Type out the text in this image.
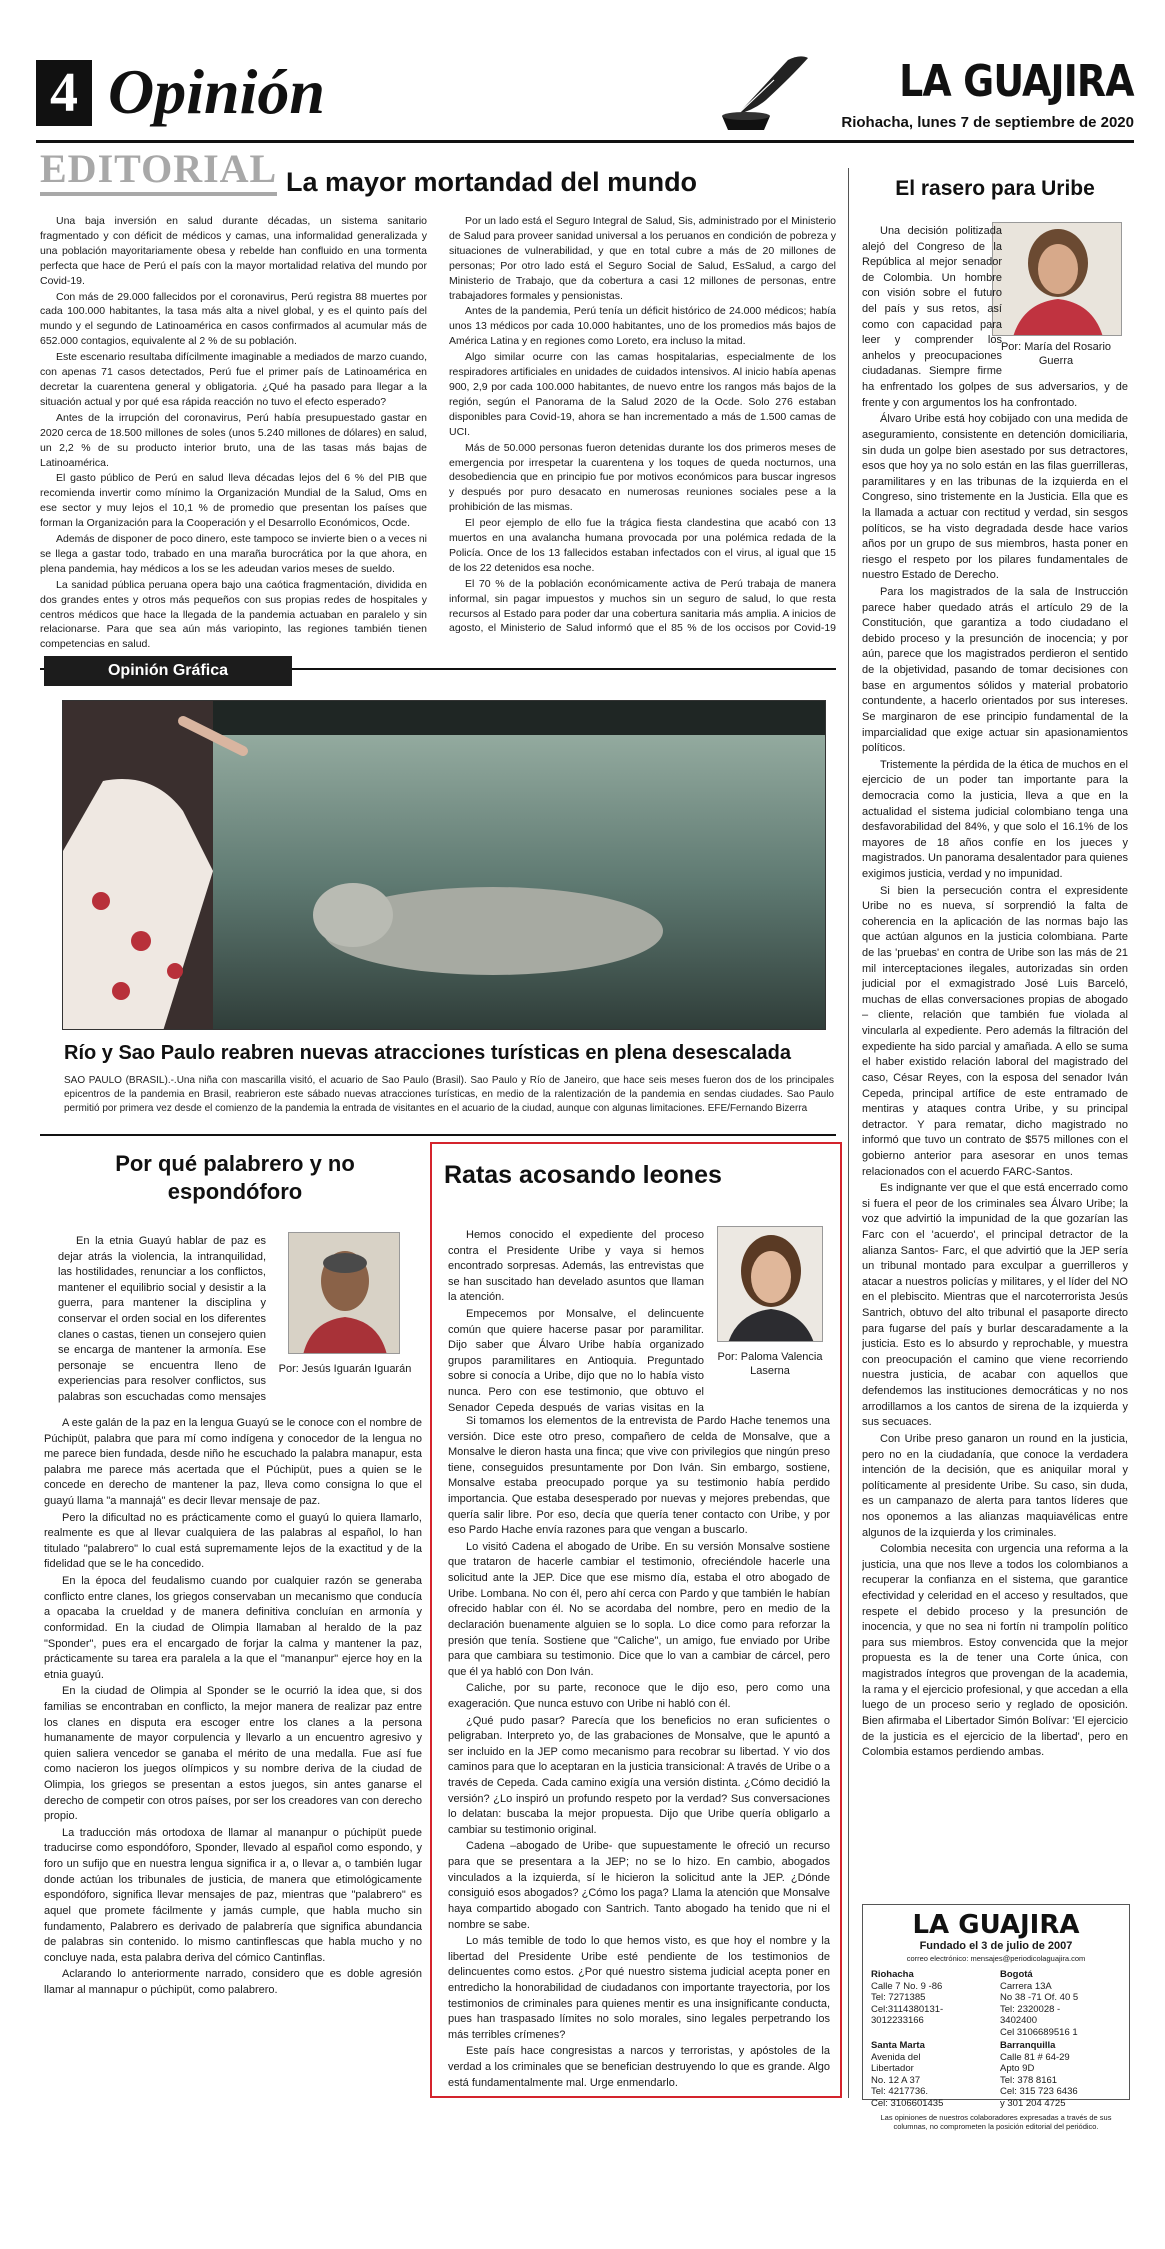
4 Opinión	LA GUAJIRA
Riohacha, lunes 7 de septiembre de 2020
EDITORIAL La mayor mortandad del mundo

Una baja inversión en salud durante décadas, un sistema sanitario fragmentado y con déficit de médicos y camas, una informalidad generalizada y una población mayoritariamente obesa y rebelde han confluido en una tormenta perfecta que hace de Perú el país con la mayor mortalidad relativa del mundo por Covid-19.

Con más de 29.000 fallecidos por el coronavirus, Perú registra 88 muertes por cada 100.000 habitantes, la tasa más alta a nivel global, y es el quinto país del mundo y el segundo de Latinoamérica en casos confirmados al acumular más de 652.000 contagios, equivalente al 2 % de su población.

Este escenario resultaba difícilmente imaginable a mediados de marzo cuando, con apenas 71 casos detectados, Perú fue el primer país de Latinoamérica en decretar la cuarentena general y obligatoria. ¿Qué ha pasado para llegar a la situación actual y por qué esa rápida reacción no tuvo el efecto esperado?

Antes de la irrupción del coronavirus, Perú había presupuestado gastar en 2020 cerca de 18.500 millones de soles (unos 5.240 millones de dólares) en salud, un 2,2 % de su producto interior bruto, una de las tasas más bajas de Latinoamérica.

El gasto público de Perú en salud lleva décadas lejos del 6 % del PIB que recomienda invertir como mínimo la Organización Mundial de la Salud, Oms en ese sector y muy lejos el 10,1 % de promedio que presentan los países que forman la Organización para la Cooperación y el Desarrollo Económicos, Ocde.

Además de disponer de poco dinero, este tampoco se invierte bien o a veces ni se llega a gastar todo, trabado en una maraña burocrática por la que ahora, en plena pandemia, hay médicos a los se les adeudan varios meses de sueldo.

La sanidad pública peruana opera bajo una caótica fragmentación, dividida en dos grandes entes y otros más pequeños con sus propias redes de hospitales y centros médicos que hace la llegada de la pandemia actuaban en paralelo y sin relacionarse. Para que sea aún más variopinto, las regiones también tienen competencias en salud.

Por un lado está el Seguro Integral de Salud, Sis, administrado por el Ministerio de Salud para proveer sanidad universal a los peruanos en condición de pobreza y situaciones de vulnerabilidad, y que en total cubre a más de 20 millones de personas; Por otro lado está el Seguro Social de Salud, EsSalud, a cargo del Ministerio de Trabajo, que da cobertura a casi 12 millones de personas, entre trabajadores formales y pensionistas.

Antes de la pandemia, Perú tenía un déficit histórico de 24.000 médicos; había unos 13 médicos por cada 10.000 habitantes, uno de los promedios más bajos de América Latina y en regiones como Loreto, era incluso la mitad.

Algo similar ocurre con las camas hospitalarias, especialmente de los respiradores artificiales en unidades de cuidados intensivos. Al inicio había apenas 900, 2,9 por cada 100.000 habitantes, de nuevo entre los rangos más bajos de la región, según el Panorama de la Salud 2020 de la Ocde. Solo 276 estaban disponibles para Covid-19, ahora se han incrementado a más de 1.500 camas de UCI.

Más de 50.000 personas fueron detenidas durante los dos primeros meses de emergencia por irrespetar la cuarentena y los toques de queda nocturnos, una desobediencia que en principio fue por motivos económicos para buscar ingresos y después por puro desacato en numerosas reuniones sociales pese a la prohibición de las mismas.

El peor ejemplo de ello fue la trágica fiesta clandestina que acabó con 13 muertos en una avalancha humana provocada por una polémica redada de la Policía. Once de los 13 fallecidos estaban infectados con el virus, al igual que 15 de los 22 detenidos esa noche.

El 70 % de la población económicamente activa de Perú trabaja de manera informal, sin pagar impuestos y muchos sin un seguro de salud, lo que resta recursos al Estado para poder dar una cobertura sanitaria más amplia. A inicios de agosto, el Ministerio de Salud informó que el 85 % de los occisos por Covid-19

El rasero para Uribe
Por: María del Rosario Guerra

Una decisión politizada alejó del Congreso de la República al mejor senador de Colombia. Un hombre con visión sobre el futuro del país y sus retos, así como con capacidad para leer y comprender los anhelos y preocupaciones ciudadanas. Siempre firme ha enfrentado los golpes de sus adversarios, y de frente y con argumentos los ha confrontado.

Álvaro Uribe está hoy cobijado con una medida de aseguramiento, consistente en detención domiciliaria, sin duda un golpe bien asestado por sus detractores, esos que hoy ya no solo están en las filas guerrilleras, paramilitares y en las tribunas de la izquierda en el Congreso, sino tristemente en la Justicia. Ella que es la llamada a actuar con rectitud y verdad, sin sesgos políticos, se ha visto degradada desde hace varios años por un grupo de sus miembros, hasta poner en riesgo el respeto por los pilares fundamentales de nuestro Estado de Derecho.

Para los magistrados de la sala de Instrucción parece haber quedado atrás el artículo 29 de la Constitución, que garantiza a todo ciudadano el debido proceso y la presunción de inocencia; y por aún, parece que los magistrados perdieron el sentido de la objetividad, pasando de tomar decisiones con base en argumentos sólidos y material probatorio contundente, a hacerlo orientados por sus intereses. Se marginaron de ese principio fundamental de la imparcialidad que exige actuar sin apasionamientos políticos.

Tristemente la pérdida de la ética de muchos en el ejercicio de un poder tan importante para la democracia como la justicia, lleva a que en la actualidad el sistema judicial colombiano tenga una desfavorabilidad del 84%, y que solo el 16.1% de los mayores de 18 años confíe en los jueces y magistrados. Un panorama desalentador para quienes exigimos justicia, verdad y no impunidad.

Si bien la persecución contra el expresidente Uribe no es nueva, sí sorprendió la falta de coherencia en la aplicación de las normas bajo las que actúan algunos en la justicia colombiana. Parte de las 'pruebas' en contra de Uribe son las más de 21 mil interceptaciones ilegales, autorizadas sin orden judicial por el exmagistrado José Luis Barceló, muchas de ellas conversaciones propias de abogado – cliente, relación que también fue violada al vincularla al expediente. Pero además la filtración del expediente ha sido parcial y amañada. A ello se suma el haber existido relación laboral del magistrado del caso, César Reyes, con la esposa del senador Iván Cepeda, principal artífice de este entramado de mentiras y ataques contra Uribe, y su principal detractor. Y para rematar, dicho magistrado no informó que tuvo un contrato de $575 millones con el gobierno anterior para asesorar en unos temas relacionados con el acuerdo FARC-Santos.

Es indignante ver que el que está encerrado como si fuera el peor de los criminales sea Álvaro Uribe; la voz que advirtió la impunidad de la que gozarían las Farc con el 'acuerdo', el principal detractor de la alianza Santos- Farc, el que advirtió que la JEP sería un tribunal montado para exculpar a guerrilleros y atacar a nuestros policías y militares, y el líder del NO en el plebiscito. Mientras que el narcoterrorista Jesús Santrich, obtuvo del alto tribunal el pasaporte directo para fugarse del país y burlar descaradamente a la justicia. Esto es lo absurdo y reprochable, y muestra con preocupación el camino que viene recorriendo nuestra justicia, de acabar con aquellos que defendemos las instituciones democráticas y no nos arrodillamos a los cantos de sirena de la izquierda y sus secuaces.

Con Uribe preso ganaron un round en la justicia, pero no en la ciudadanía, que conoce la verdadera intención de la decisión, que es aniquilar moral y políticamente al presidente Uribe. Su caso, sin duda, es un campanazo de alerta para tantos líderes que nos oponemos a las alianzas maquiavélicas entre algunos de la izquierda y los criminales.

Colombia necesita con urgencia una reforma a la justicia, una que nos lleve a todos los colombianos a recuperar la confianza en el sistema, que garantice efectividad y celeridad en el acceso y resultados, que respete el debido proceso y la presunción de inocencia, y que no sea ni fortín ni trampolín político para sus miembros. Estoy convencida que la mejor propuesta es la de tener una Corte única, con magistrados íntegros que provengan de la academia, la rama y el ejercicio profesional, y que accedan a ella luego de un proceso serio y reglado de oposición. Bien afirmaba el Libertador Simón Bolívar: 'El ejercicio de la justicia es el ejercicio de la libertad', pero en Colombia estamos perdiendo ambas.

Opinión Gráfica
Río y Sao Paulo reabren nuevas atracciones turísticas en plena desescalada
SAO PAULO (BRASIL).-.Una niña con mascarilla visitó, el acuario de Sao Paulo (Brasil). Sao Paulo y Río de Janeiro, que hace seis meses fueron dos de los principales epicentros de la pandemia en Brasil, reabrieron este sábado nuevas atracciones turísticas, en medio de la ralentización de la pandemia en sendas ciudades. Sao Paulo permitió por primera vez desde el comienzo de la pandemia la entrada de visitantes en el acuario de la ciudad, aunque con algunas limitaciones. EFE/Fernando Bizerra
Por qué palabrero y no espondóforo
Por: Jesús Iguarán Iguarán

En la etnia Guayú hablar de paz es dejar atrás la violencia, la intranquilidad, las hostilidades, renunciar a los conflictos, mantener el equilibrio social y desistir a la guerra, para mantener la disciplina y conservar el orden social en los diferentes clanes o castas, tienen un consejero quien se encarga de mantener la armonía. Ese personaje se encuentra lleno de experiencias para resolver conflictos, sus palabras son escuchadas como mensajes

A este galán de la paz en la lengua Guayú se le conoce con el nombre de Púchipüt, palabra que para mí como indígena y conocedor de la lengua no me parece bien fundada, desde niño he escuchado la palabra manapur, esta palabra me parece más acertada que el Púchipüt, pues a quien se le concede en derecho de mantener la paz, lleva como consigna lo que el guayú llama "a mannajá" es decir llevar mensaje de paz.

Pero la dificultad no es prácticamente como el guayú lo quiera llamarlo, realmente es que al llevar cualquiera de las palabras al español, lo han titulado "palabrero" lo cual está supremamente lejos de la exactitud y de la fidelidad que se le ha concedido.

En la época del feudalismo cuando por cualquier razón se generaba conflicto entre clanes, los griegos conservaban un mecanismo que conducía a opacaba la crueldad y de manera definitiva concluían en armonía y conformidad. En la ciudad de Olimpia llamaban al heraldo de la paz "Sponder", pues era el encargado de forjar la calma y mantener la paz, prácticamente su tarea era paralela a la que el "mananpur" ejerce hoy en la etnia guayú.

En la ciudad de Olimpia al Sponder se le ocurrió la idea que, si dos familias se encontraban en conflicto, la mejor manera de realizar paz entre los clanes en disputa era escoger entre los clanes a la persona humanamente de mayor corpulencia y llevarlo a un encuentro agresivo y quien saliera vencedor se ganaba el mérito de una medalla. Fue así fue como nacieron los juegos olímpicos y su nombre deriva de la ciudad de Olimpia, los griegos se presentan a estos juegos, sin antes ganarse el derecho de competir con otros países, por ser los creadores van con derecho propio.

La traducción más ortodoxa de llamar al mananpur o púchipüt puede traducirse como espondóforo, Sponder, llevado al español como espondo, y foro un sufijo que en nuestra lengua significa ir a, o llevar a, o también lugar donde actúan los tribunales de justicia, de manera que etimológicamente espondóforo, significa llevar mensajes de paz, mientras que "palabrero" es aquel que promete fácilmente y jamás cumple, que habla mucho sin fundamento, Palabrero es derivado de palabrería que significa abundancia de palabras sin contenido. lo mismo cantinflescas que habla mucho y no concluye nada, esta palabra deriva del cómico Cantinflas.

Aclarando lo anteriormente narrado, considero que es doble agresión llamar al mannapur o púchipüt, como palabrero.

Ratas acosando leones
Por: Paloma Valencia Laserna

Hemos conocido el expediente del proceso contra el Presidente Uribe y vaya si hemos encontrado sorpresas. Además, las entrevistas que se han suscitado han develado asuntos que llaman la atención.

Empecemos por Monsalve, el delincuente común que quiere hacerse pasar por paramilitar. Dijo saber que Álvaro Uribe había organizado grupos paramilitares en Antioquia. Preguntado sobre si conocía a Uribe, dijo que no lo había visto nunca. Pero con ese testimonio, que obtuvo el Senador Cepeda después de varias visitas en la

Si tomamos los elementos de la entrevista de Pardo Hache tenemos una versión. Dice este otro preso, compañero de celda de Monsalve, que a Monsalve le dieron hasta una finca; que vive con privilegios que ningún preso tiene, conseguidos presuntamente por Don Iván. Sin embargo, sostiene, Monsalve estaba preocupado porque ya su testimonio había perdido importancia. Que estaba desesperado por nuevas y mejores prebendas, que quería salir libre. Por eso, decía que quería tener contacto con Uribe, y por eso Pardo Hache envía razones para que vengan a buscarlo.

Lo visitó Cadena el abogado de Uribe. En su versión Monsalve sostiene que trataron de hacerle cambiar el testimonio, ofreciéndole hacerle una solicitud ante la JEP. Dice que ese mismo día, estaba el otro abogado de Uribe. Lombana. No con él, pero ahí cerca con Pardo y que también le habían ofrecido hablar con él. No se acordaba del nombre, pero en medio de la declaración buenamente alguien se lo sopla. Lo dice como para reforzar la presión que tenía. Sostiene que "Caliche", un amigo, fue enviado por Uribe para que cambiara su testimonio. Dice que lo van a cambiar de cárcel, pero que él ya habló con Don Iván.

Caliche, por su parte, reconoce que le dijo eso, pero como una exageración. Que nunca estuvo con Uribe ni habló con él.

¿Qué pudo pasar? Parecía que los beneficios no eran suficientes o peligraban. Interpreto yo, de las grabaciones de Monsalve, que le apuntó a ser incluido en la JEP como mecanismo para recobrar su libertad. Y vio dos caminos para que lo aceptaran en la justicia transicional: A través de Uribe o a través de Cepeda. Cada camino exigía una versión distinta. ¿Cómo decidió la versión? ¿Lo inspiró un profundo respeto por la verdad? Sus conversaciones lo delatan: buscaba la mejor propuesta. Dijo que Uribe quería obligarlo a cambiar su testimonio original.

Cadena –abogado de Uribe- que supuestamente le ofreció un recurso para que se presentara a la JEP; no se lo hizo. En cambio, abogados vinculados a la izquierda, sí le hicieron la solicitud ante la JEP. ¿Dónde consiguió esos abogados? ¿Cómo los paga? Llama la atención que Monsalve haya compartido abogado con Santrich. Tanto abogado ha tenido que ni el nombre se sabe.

Lo más temible de todo lo que hemos visto, es que hoy el nombre y la libertad del Presidente Uribe esté pendiente de los testimonios de delincuentes como estos. ¿Por qué nuestro sistema judicial acepta poner en entredicho la honorabilidad de ciudadanos con importante trayectoria, por los testimonios de criminales para quienes mentir es una insignificante conducta, pues han traspasado límites no solo morales, sino legales perpetrando los más terribles crímenes?

Este país hace congresistas a narcos y terroristas, y apóstoles de la verdad a los criminales que se benefician destruyendo lo que es grande. Algo está fundamentalmente mal. Urge enmendarlo.

LA GUAJIRA
Fundado el 3 de julio de 2007
correo electrónico: mensajes@periodicolaguajira.com
Riohacha
Calle 7 No. 9 -86
Tel: 7271385
Cel:3114380131-
3012233166
Bogotá
Carrera 13A
No 38 -71 Of. 40 5
Tel: 2320028 -
3402400
Cel 3106689516 1
Santa Marta
Avenida del
Libertador
No. 12 A 37
Tel: 4217736.
Cel: 3106601435
Barranquilla
Calle 81 # 64-29
Apto 9D
Tel: 378 8161
Cel: 315 723 6436
y 301 204 4725
Las opiniones de nuestros colaboradores expresadas a través de sus columnas, no comprometen la posición editorial del periódico.
